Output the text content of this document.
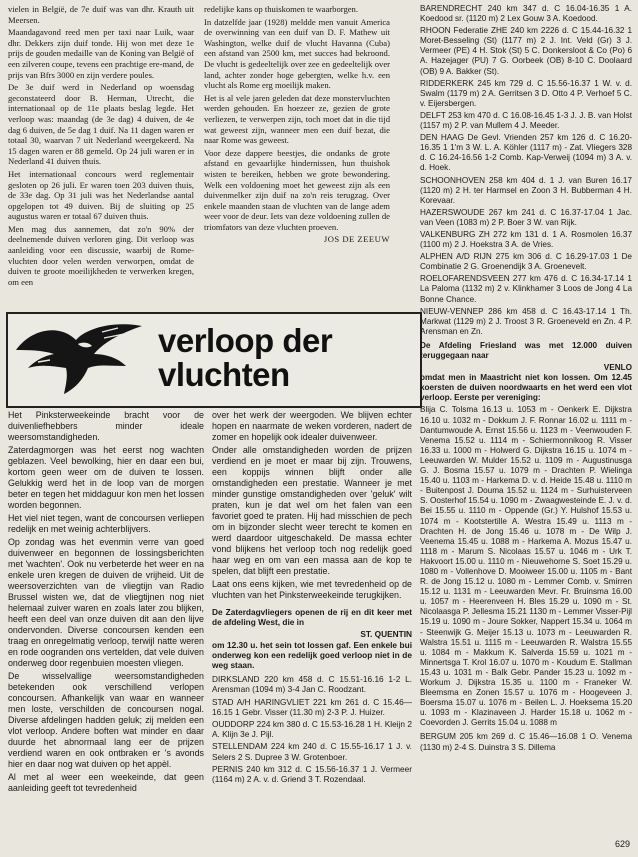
vielen in België, de 7e duif was van dhr. Krauth uit Meersen.

Maandagavond reed men per taxi naar Luik, waar dhr. Dekkers zijn duif tonde. Hij won met deze 1e prijs de gouden medaille van de Koning van België of een zilveren coupe, tevens een prachtige ere-mand, de prijs van Bfrs 3000 en zijn verdere poules.

De 3e duif werd in Nederland op woensdag geconstateerd door B. Herman, Utrecht, die internationaal op de 11e plaats beslag legde. Het verloop was: maandag (de 3e dag) 4 duiven, de 4e dag 6 duiven, de 5e dag 1 duif. Na 11 dagen waren er totaal 30, waarvan 7 uit Nederland weergekeerd. Na 15 dagen waren er 88 gemeld. Op 24 juli waren er in Nederland 41 duiven thuis.

Het internationaal concours werd reglementair gesloten op 26 juli. Er waren toen 203 duiven thuis, de 33e dag. Op 31 juli was het Nederlandse aantal opgelopen tot 49 duiven. Bij de sluiting op 25 augustus waren er totaal 67 duiven thuis.

Men mag dus aannemen, dat zo'n 90% der deelnemende duiven verloren ging. Dit verloop was aanleiding voor een discussie, waarbij de Rome-vluchten door velen werden verworpen, omdat de duiven te groote moeilijkheden te verwerken kregen, om een

redelijke kans op thuiskomen te waarborgen.

In datzelfde jaar (1928) meldde men vanuit America de overwinning van een duif van D. F. Mathew uit Washington, welke duif de vlucht Havanna (Cuba) een afstand van 2500 km, met succes had bekroond. De vlucht is gedeeltelijk over zee en gedeeltelijk over land, achter zonder hoge gebergten, welke h.v. een vlucht als Rome erg moeilijk maken.

Het is al vele jaren geleden dat deze monstervluchten werden gehouden. En hoezeer ze, gezien de grote verliezen, te verwerpen zijn, toch moet dat in die tijd wat geweest zijn, wanneer men een duif bezat, die naar Rome was geweest.

Voor deze dappere beestjes, die ondanks de grote afstand en gevaarlijke hindernissen, hun thuishok wisten te bereiken, hebben we grote bewondering. Welk een voldoening moet het geweest zijn als een duivenmelker zijn duif na zo'n reis terugzag. Over enkele maanden staan de vluchten van de lange adem weer voor de deur. Iets van deze voldoening zullen de triomfators van deze vluchten proeven.

JOS DE ZEEUW

verloop der
vluchten

Het Pinksterweekeinde bracht voor de duivenliefhebbers minder ideale weersomstandigheden.

Zaterdagmorgen was het eerst nog wachten geblazen. Veel bewolking, hier en daar een bui, kortom geen weer om de duiven te lossen. Gelukkig werd het in de loop van de morgen beter en tegen het middaguur kon men het lossen worden begonnen.

Het viel niet tegen, want de concoursen verliepen redelijk en met weinig achterblijvers.

Op zondag was het evenmin verre van goed duivenweer en begonnen de lossingsberichten met 'wachten'. Ook nu verbeterde het weer en na enkele uren kregen de duiven de vrijheid. Uit de weersoverzichten van de vliegtijn van Radio Brussel wisten we, dat de vliegtijnen nog niet helemaal zuiver waren en zoals later zou blijken, heeft een deel van onze duiven dit aan den lijve ondervonden. Diverse concoursen kenden een traag en onregelmatig verloop, terwijl natte weren en rode oogranden ons vertelden, dat vele duiven onderweg door regenbuien moesten vliegen.

De wisselvallige weersomstandigheden betekenden ook verschillend verlopen concoursen. Afhankelijk van waar en wanneer men loste, verschilden de concoursen nogal. Diverse afdelingen hadden geluk; zij melden een vlot verloop. Andere boften wat minder en daar duurde het abnormaal lang eer de prijzen verdiend waren en ook ontbraken er 's avonds hier en daar nog wat duiven op het appèl.

Al met al weer een weekeinde, dat geen aanleiding geeft tot tevredenheid

over het werk der weergoden. We blijven echter hopen en naarmate de weken vorderen, nadert de zomer en hopelijk ook idealer duivenweer.

Onder alle omstandigheden worden de prijzen verdiend en je moet er maar bij zijn. Trouwens, een koppijs winnen blijft onder alle omstandigheden een prestatie. Wanneer je met minder gunstige omstandigheden over 'geluk' wilt praten, kun je dat wel om het falen van een favoriet goed te praten. Hij had misschien de pech om in bijzonder slecht weer terecht te komen en werd daardoor uitgeschakeld. De massa echter vond blijkens het verloop toch nog redelijk goed haar weg en om van een massa aan de kop te spelen, dat blijft een prestatie.

Laat ons eens kijken, wie met tevredenheid op de vluchten van het Pinksterweekeinde terugkijken.

De Zaterdagvliegers openen de rij en dit keer met de afdeling West, die in

ST. QUENTIN

om 12.30 u. het sein tot lossen gaf. Een enkele bui onderweg kon een redelijk goed verloop niet in de weg staan.

DIRKSLAND 220 km 458 d. C 15.51-16.16 1-2 L. Arensman (1094 m) 3-4 Jan C. Roodzant.

STAD A/H HARINGVLIET 221 km 261 d. C 15.46—16.15 1 Gebr. Visser (11.30 m) 2-3 P. J. Huizer.

OUDDORP 224 km 380 d. C 15.53-16.28 1 H. Kleijn 2 A. Klijn 3e J. Pijl.

STELLENDAM 224 km 240 d. C 15.55-16.17 1 J. v. Selers 2 S. Dupree 3 W. Grotenboer.

PERNIS 240 km 312 d. C 15.56-16.37 1 J. Vermeer (1164 m) 2 A. v. d. Griend 3 T. Rozendaal.

BARENDRECHT 240 km 347 d. C 16.04-16.35 1 A. Koedood sr. (1120 m) 2 Lex Gouw 3 A. Koedood.

RHOON Federatie ZHE 240 km 2226 d. C 15.44-16.32 1 Moret-Besseling (St) (1177 m) 2 J. Int. Veld (Gr) 3 J. Vermeer (PE) 4 H. Stok (St) 5 C. Donkersloot & Co (Po) 6 A. Hazejager (PU) 7 G. Oorbeek (OB) 8-10 C. Doolaard (OB) 9 A. Bakker (St).

RIDDERKERK 245 km 729 d. C 15.56-16.37 1 W. v. d. Swalm (1179 m) 2 A. Gerritsen 3 D. Otto 4 P. Verhoef 5 C. v. Eijersbergen.

DELFT 253 km 470 d. C 16.08-16.45 1-3 J. J. B. van Holst (1157 m) 2 P. van Mullem 4 J. Meeder.

DEN HAAG De Gevl. Vrienden 257 km 126 d. C 16.20-16.35 1 1'm 3 W. L. A. Köhler (1117 m) - Zat. Vliegers 328 d. C 16.24-16.56 1-2 Comb. Kap-Verweij (1094 m) 3 A. v. d. Hoek.

SCHOONHOVEN 258 km 404 d. 1 J. van Buren 16.17 (1120 m) 2 H. ter Harmsel en Zoon 3 H. Bubberman 4 H. Korevaar.

HAZERSWOUDE 267 km 241 d. C 16.37-17.04 1 Jac. van Veen (1083 m) 2 P. Boer 3 W. van Rijk.

VALKENBURG ZH 272 km 131 d. 1 A. Rosmolen 16.37 (1100 m) 2 J. Hoekstra 3 A. de Vries.

ALPHEN A/D RIJN 275 km 306 d. C 16.29-17.03 1 De Combinatie 2 G. Groenendijk 3 A. Groenevelt.

ROELOFARENDSVEEN 277 km 476 d. C 16.34-17.14 1 La Paloma (1132 m) 2 v. Klinkhamer 3 Loos de Jong 4 La Bonne Chance.

NIEUW-VENNEP 286 km 458 d. C 16.43-17.14 1 Th. Markwat (1129 m) 2 J. Troost 3 R. Groeneveld en Zn. 4 P. Arensman en Zn.

De Afdeling Friesland was met 12.000 duiven teruggegaan naar

VENLO

omdat men in Maastricht niet kon lossen. Om 12.45 koersten de duiven noordwaarts en het werd een vlot verloop. Eerste per vereniging:

Blija C. Tolsma 16.13 u. 1053 m - Oenkerk E. Dijkstra 16.10 u. 1032 m - Dokkum J. F. Ronnar 16.02 u. 1111 m - Dantumwoude A. Ernst 15.56 u. 1123 m - Veenwouden F. Venema 15.52 u. 1114 m - Schiermonnikoog R. Visser 16.33 u. 1000 m - Holwerd G. Dijkstra 16.15 u. 1074 m - Leeuwarden W. Mulder 15.52 u. 1109 m - Augustinusga G. J. Bosma 15.57 u. 1079 m - Drachten P. Wielinga 15.40 u. 1103 m - Harkema D. v. d. Heide 15.48 u. 1110 m - Buitenpost J. Douma 15.52 u. 1124 m - Surhuisterveen S. Oosterhof 15.54 u. 1090 m - Zwaagwesteinde E. J. v. d. Bei 15.55 u. 1110 m - Oppende (Gr.) Y. Hulshof 15.53 u. 1074 m - Kootstertille A. Westra 15.49 u. 1113 m - Drachten H. de Jong 15.46 u. 1078 m - De Wilp J. Veenema 15.45 u. 1088 m - Harkema A. Mozus 15.47 u. 1118 m - Marum S. Nicolaas 15.57 u. 1046 m - Urk T. Hakvoort 15.00 u. 1110 m - Nieuwehorne S. Soet 15.29 u. 1080 m - Vollenhove D. Mooiweer 15.00 u. 1105 m - Bant R. de Jong 15.12 u. 1080 m - Lemmer Comb. v. Smirren 15.12 u. 1131 m - Leeuwarden Mevr. Fr. Bruinsma 16.00 u. 1057 m - Heerenveen H. Bles 15.29 u. 1090 m - St. Nicolaasga P. Jellesma 15.21 1130 m - Lemmer Visser-Pijl 15.19 u. 1090 m - Joure Sokker, Nappert 15.34 u. 1064 m - Steenwijk G. Meijer 15.13 u. 1073 m - Leeuwarden R. Walstra 15.51 u. 1115 m - Leeuwarden R. Walstra 15.55 u. 1084 m - Makkum K. Salverda 15.59 u. 1021 m - Minnertsga T. Krol 16.07 u. 1070 m - Koudum E. Stallman 15.43 u. 1031 m - Balk Gebr. Pander 15.23 u. 1092 m - Workum J. Dijkstra 15.35 u. 1100 m - Franeker W. Bleemsma en Zonen 15.57 u. 1076 m - Hoogeveen J. Boersma 15.07 u. 1076 m - Beilen L. J. Hoeksema 15.20 u. 1093 m - Klazinaveen J. Harder 15.18 u. 1062 m - Coevorden J. Gerrits 15.04 u. 1088 m

BERGUM 205 km 269 d. C 15.46—16.08 1 O. Venema (1130 m) 2-4 S. Duinstra 3 S. Dillema

629
